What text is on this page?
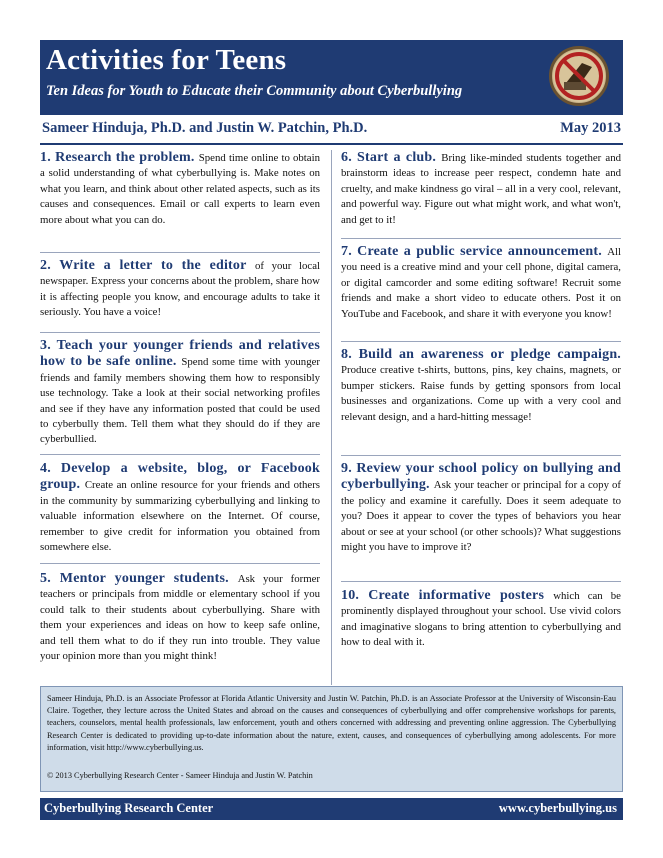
Activities for Teens
Ten Ideas for Youth to Educate their Community about Cyberbullying
Sameer Hinduja, Ph.D. and Justin W. Patchin, Ph.D.	May 2013
1. Research the problem. Spend time online to obtain a solid understanding of what cyberbullying is. Make notes on what you learn, and think about other related aspects, such as its causes and consequences. Email or call experts to learn even more about what you can do.
2. Write a letter to the editor of your local newspaper. Express your concerns about the problem, share how it is affecting people you know, and encourage adults to take it seriously. You have a voice!
3. Teach your younger friends and relatives how to be safe online. Spend some time with younger friends and family members showing them how to responsibly use technology. Take a look at their social networking profiles and see if they have any information posted that could be used to cyberbully them. Tell them what they should do if they are cyberbullied.
4. Develop a website, blog, or Facebook group. Create an online resource for your friends and others in the community by summarizing cyberbullying and linking to valuable information elsewhere on the Internet. Of course, remember to give credit for information you obtained from somewhere else.
5. Mentor younger students. Ask your former teachers or principals from middle or elementary school if you could talk to their students about cyberbullying. Share with them your experiences and ideas on how to keep safe online, and tell them what to do if they run into trouble. They value your opinion more than you might think!
6. Start a club. Bring like-minded students together and brainstorm ideas to increase peer respect, condemn hate and cruelty, and make kindness go viral – all in a very cool, relevant, and powerful way. Figure out what might work, and what won't, and get to it!
7. Create a public service announcement. All you need is a creative mind and your cell phone, digital camera, or digital camcorder and some editing software! Recruit some friends and make a short video to educate others. Post it on YouTube and Facebook, and share it with everyone you know!
8. Build an awareness or pledge campaign. Produce creative t-shirts, buttons, pins, key chains, magnets, or bumper stickers. Raise funds by getting sponsors from local businesses and organizations. Come up with a very cool and relevant design, and a hard-hitting message!
9. Review your school policy on bullying and cyberbullying. Ask your teacher or principal for a copy of the policy and examine it carefully. Does it seem adequate to you? Does it appear to cover the types of behaviors you hear about or see at your school (or other schools)? What suggestions might you have to improve it?
10. Create informative posters which can be prominently displayed throughout your school. Use vivid colors and imaginative slogans to bring attention to cyberbullying and how to deal with it.
Sameer Hinduja, Ph.D. is an Associate Professor at Florida Atlantic University and Justin W. Patchin, Ph.D. is an Associate Professor at the University of Wisconsin-Eau Claire. Together, they lecture across the United States and abroad on the causes and consequences of cyberbullying and offer comprehensive workshops for parents, teachers, counselors, mental health professionals, law enforcement, youth and others concerned with addressing and preventing online aggression. The Cyberbullying Research Center is dedicated to providing up-to-date information about the nature, extent, causes, and consequences of cyberbullying among adolescents. For more information, visit http://www.cyberbullying.us.
© 2013 Cyberbullying Research Center - Sameer Hinduja and Justin W. Patchin
Cyberbullying Research Center	www.cyberbullying.us
